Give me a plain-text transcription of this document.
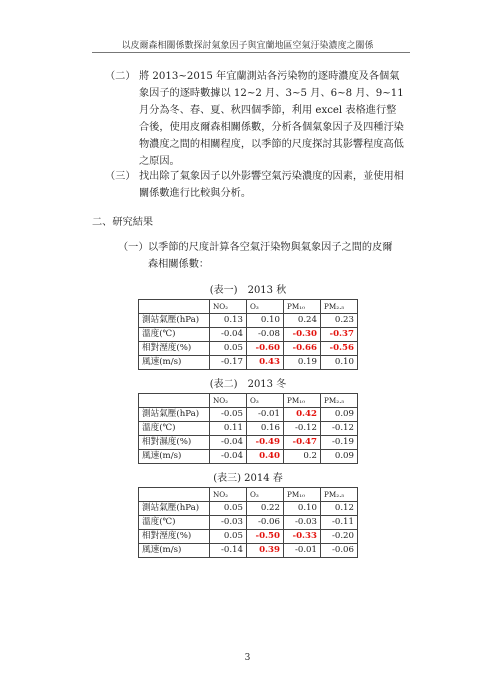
以皮爾森相關係數探討氣象因子與宜蘭地區空氣汙染濃度之關係
（二） 將 2013~2015 年宜蘭測站各污染物的逐時濃度及各個氣象因子的逐時數據以 12~2 月、3~5 月、6~8 月、9~11 月分為冬、春、夏、秋四個季節，利用 excel 表格進行整合後，使用皮爾森相關係數，分析各個氣象因子及四種汙染物濃度之間的相關程度，以季節的尺度探討其影響程度高低之原因。
（三） 找出除了氣象因子以外影響空氣污染濃度的因素，並使用相關係數進行比較與分析。
二、研究結果
（一） 以季節的尺度計算各空氣汙染物與氣象因子之間的皮爾森相關係數：
(表一)　2013 秋
	NO₂	O₃	PM₁₀	PM₂.₅
測站氣壓(hPa)	0.13	0.10	0.24	0.23
溫度(℃)	-0.04	-0.08	-0.30	-0.37
相對溼度(%)	0.05	-0.60	-0.66	-0.56
風速(m/s)	-0.17	0.43	0.19	0.10
(表二)　2013 冬
	NO₂	O₃	PM₁₀	PM₂.₅
測站氣壓(hPa)	-0.05	-0.01	0.42	0.09
溫度(℃)	0.11	0.16	-0.12	-0.12
相對濕度(%)	-0.04	-0.49	-0.47	-0.19
風速(m/s)	-0.04	0.40	0.2	0.09
(表三) 2014 春
	NO₂	O₃	PM₁₀	PM₂.₅
測站氣壓(hPa)	0.05	0.22	0.10	0.12
溫度(℃)	-0.03	-0.06	-0.03	-0.11
相對溼度(%)	0.05	-0.50	-0.33	-0.20
風速(m/s)	-0.14	0.39	-0.01	-0.06
3
